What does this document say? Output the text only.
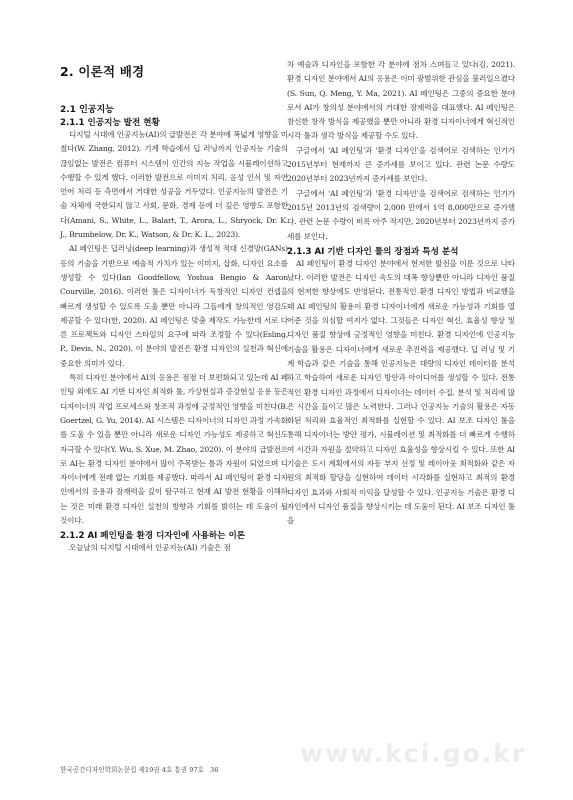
2. 이론적 배경

2.1 인공지능

2.1.1 인공지능 발전 현황

디지털 시대에 인공지능(AI)의 급발전은 각 분야에 폭넓게 영향을 미쳤다(W. Zhang, 2012). 기계 학습에서 딥 러닝까지 인공지능 기술의 끊임없는 발전은 컴퓨터 시스템이 인간의 지능 작업을 시뮬레이션하고 수행할 수 있게 했다. 이러한 발전으로 이미지 처리, 음성 인식 및 자연 언어 처리 등 측면에서 거대한 성공을 거두었다. 인공지능의 발전은 기술 자체에 국한되지 않고 사회, 문화, 경제 등에 더 깊은 영향도 포함한다(Amani, S., White, L., Balart, T., Arora, L., Shryock, Dr. K. J., Brumbelow, Dr. K., Watson, & Dr. K. L., 2023).

AI 페인팅은 딥러닝(deep learning)과 생성적 적대 신경망(GANs) 등의 기술을 기반으로 예술적 가치가 있는 이미지, 삽화, 디자인 요소를 생성할 수 있다(Ian Goodfellow, Yoshua Bengio & Aaron Courville, 2016). 이러한 툴은 디자이너가 독창적인 디자인 컨셉을 빠르게 생성할 수 있도록 도울 뿐만 아니라 그들에게 창의적인 영감도 제공할 수 있다(한, 2020). AI 페인팅은 맞춤 제작도 가능한데 서로 다른 프로젝트와 디자인 스타일의 요구에 따라 조정할 수 있다(Esling, P., Devis, N., 2020). 이 분야의 발전은 환경 디자인의 실천과 혁신에 중요한 의미가 있다.

특히 디자인 분야에서 AI의 응용은 점점 더 보편화되고 있는데 AI 페인팅 외에도 AI 기반 디자인 최적화 툴, 가상현실과 증강현실 응용 등은 디자이너의 작업 프로세스와 창조적 과정에 긍정적인 영향을 미친다(B. Goertzel, G. Yu, 2014). AI 시스템은 디자이너의 디자인 과정 가속화를 도울 수 있을 뿐만 아니라 새로운 디자인 가능성도 제공하고 혁신도 자극할 수 있다(Y. Wu, S. Xue, M. Zhao, 2020). 이 분야의 급발전으로 AI는 환경 디자인 분야에서 많이 주목받는 틀과 자원이 되었으며 디자이너에게 전례 없는 기회를 제공했다. 따라서 AI 페인팅이 환경 디자인에서의 응용과 잠재력을 깊이 탐구하고 현재 AI 발전 현황을 이해하는 것은 미래 환경 디자인 실천의 방향과 기회를 밝히는 데 도움이 될 것이다.

2.1.2 AI 페인팅을 환경 디자인에 사용하는 이론

오늘날의 디지털 시대에서 인공지능(AI) 기술은 점

차 예술과 디자인을 포함한 각 분야에 점차 스며들고 있다(김, 2021). 환경 디자인 분야에서 AI의 응용은 이미 광범위한 관심을 불러일으켰다 (S. Sun, Q. Meng, Y. Ma, 2021). AI 페인팅은 그중의 중요한 분야로서 AI가 창의성 분야에서의 거대한 잠재력을 대표했다. AI 페인팅은 참신한 창작 방식을 제공했을 뿐만 아니라 환경 디자이너에게 혁신적인 시각 툴과 생각 방식을 제공할 수도 있다.

구글에서 'AI 페인팅'과 '환경 디자인'을 검색어로 검색하는 인기가 2015년부터 현재까지 큰 증가세를 보이고 있다. 관련 논문 수량도 2020년부터 2023년까지 증가세를 보인다.

구글에서 'AI 페인팅'과 '환경 디자인'을 검색어로 검색하는 인기가 2015년 2013년의 검색량이 2,000 만에서 1억 8,000만으로 증가했다. 관련 논문 수량이 비록 아주 적지만, 2020년부터 2023년까지 증가세를 보인다.

2.1.3 AI 기반 디자인 툴의 장점과 특성 분석

AI 페인팅이 환경 디자인 분야에서 현저한 발전을 이룬 것으로 나타났다. 이러한 발전은 디자인 속도의 대폭 향상뿐만 아니라 디자인 품질의 현저한 향상에도 반영된다. 전통적인 환경 디자인 방법과 비교했을 때 AI 페인팅의 활용이 환경 디자이너에게 새로운 가능성과 기회를 열어준 것을 의심할 여지가 없다. 그것들은 디자인 혁신, 효율성 향상 및 디자인 품질 향상에 긍정적인 영향을 미친다. 환경 디자인에 인공지능 기술을 활용은 디자이너에게 새로운 추진력을 제공했다. 딥 러닝 및 기계 학습과 같은 기술을 통해 인공지능은 대량의 디자인 데이터를 분석하고 학습하여 새로운 디자인 방안과 아이디어를 생성할 수 있다. 전통적인 환경 디자인 과정에서 디자이너는 데이터 수집, 분석 및 처리에 많은 시간을 들이고 많은 노력한다. 그러나 인공지능 기술의 활용은 자동화된 처리와 효율적인 최적화를 실현할 수 있다. AI 보조 디자인 툴을 통해 디자이너는 방안 평가, 시뮬레이션 및 최적화를 더 빠르게 수행하여 시간과 자원을 절약하고 디자인 효율성을 향상시킬 수 있다. 또한 AI 기술은 도시 계획에서의 자동 부지 선정 및 레이아웃 최적화와 같은 자원의 최적화 할당을 실현하여 데이터 시각화를 실현하고 최적의 환경 디자인 효과와 사회적 이익을 달성할 수 있다. 인공지능 기술은 환경 디자인에서 디자인 품질을 향상시키는 데 도움이 된다. AI 보조 디자인 툴을

www.kci.go.kr
한국공간디자인학회논문집 제19권 4호 통권 97호 36
